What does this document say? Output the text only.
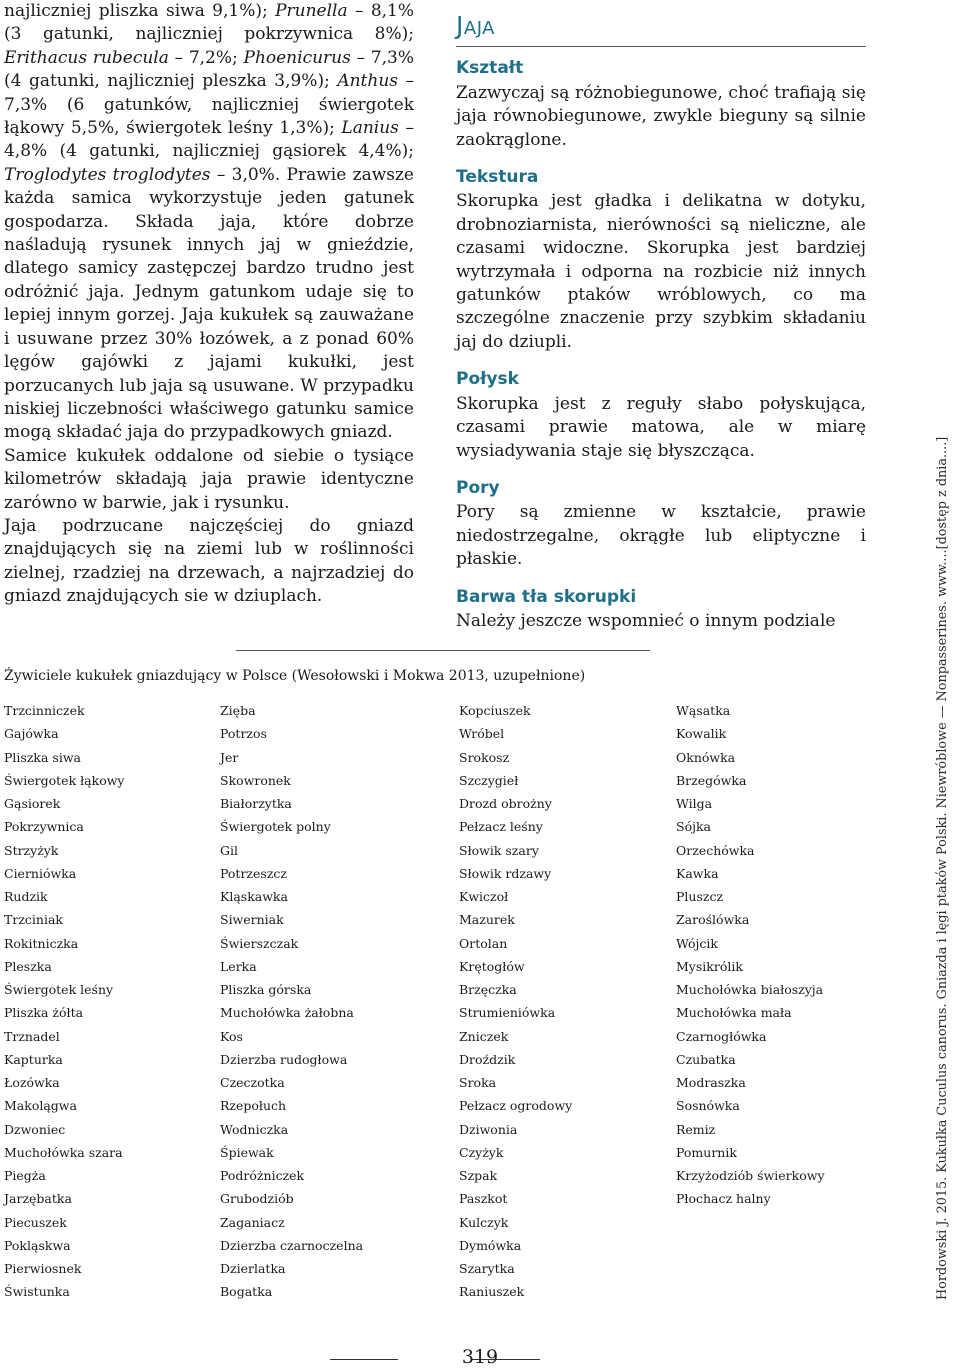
najliczniej pliszka siwa 9,1%); Prunella – 8,1% (3 gatunki, najliczniej pokrzywnica 8%); Erithacus rubecula – 7,2%; Phoenicurus – 7,3% (4 gatunki, najliczniej pleszka 3,9%); Anthus – 7,3% (6 gatunków, najliczniej świergotek łąkowy 5,5%, świergotek leśny 1,3%); Lanius – 4,8% (4 gatunki, najliczniej gąsiorek 4,4%); Troglodytes troglodytes – 3,0%. Prawie zawsze każda samica wykorzystuje jeden gatunek gospodarza. Składa jaja, które dobrze naśladują rysunek innych jaj w gnieździe, dlatego samicy zastępczej bardzo trudno jest odróżnić jaja. Jednym gatunkom udaje się to lepiej innym gorzej. Jaja kukułek są zauważane i usuwane przez 30% łozówek, a z ponad 60% lęgów gajówki z jajami kukułki, jest porzucanych lub jaja są usuwane. W przypadku niskiej liczebności właściwego gatunku samice mogą składać jaja do przypadkowych gniazd.

Samice kukułek oddalone od siebie o tysiące kilometrów składają jaja prawie identyczne zarówno w barwie, jak i rysunku.

Jaja podrzucane najczęściej do gniazd znajdujących się na ziemi lub w roślinności zielnej, rzadziej na drzewach, a najrzadziej do gniazd znajdujących sie w dziuplach.

JAJA
Kształt

Zazwyczaj są różnobiegunowe, choć trafiają się jaja równobiegunowe, zwykle bieguny są silnie zaokrąglone.

Tekstura

Skorupka jest gładka i delikatna w dotyku, drobnoziarnista, nierówności są nieliczne, ale czasami widoczne. Skorupka jest bardziej wytrzymała i odporna na rozbicie niż innych gatunków ptaków wróblowych, co ma szczególne znaczenie przy szybkim składaniu jaj do dziupli.

Połysk

Skorupka jest z reguły słabo połyskująca, czasami prawie matowa, ale w miarę wysiadywania staje się błyszcząca.

Pory

Pory są zmienne w kształcie, prawie niedostrzegalne, okrągłe lub eliptyczne i płaskie.

Barwa tła skorupki

Należy jeszcze wspomnieć o innym podziale

Żywiciele kukułek gniazdujący w Polsce (Wesołowski i Mokwa 2013, uzupełnione)
Trzcinniczek
Gajówka
Pliszka siwa
Świergotek łąkowy
Gąsiorek
Pokrzywnica
Strzyżyk
Cierniówka
Rudzik
Trzciniak
Rokitniczka
Pleszka
Świergotek leśny
Pliszka żółta
Trznadel
Kapturka
Łozówka
Makolągwa
Dzwoniec
Muchołówka szara
Piegża
Jarzębatka
Piecuszek
Pokląskwa
Pierwiosnek
Świstunka
Zięba
Potrzos
Jer
Skowronek
Białorzytka
Świergotek polny
Gil
Potrzeszcz
Kląskawka
Siwerniak
Świerszczak
Lerka
Pliszka górska
Muchołówka żałobna
Kos
Dzierzba rudogłowa
Czeczotka
Rzepołuch
Wodniczka
Śpiewak
Podróżniczek
Grubodziób
Zaganiacz
Dzierzba czarnoczelna
Dzierlatka
Bogatka
Kopciuszek
Wróbel
Srokosz
Szczygieł
Drozd obrożny
Pełzacz leśny
Słowik szary
Słowik rdzawy
Kwiczoł
Mazurek
Ortolan
Krętogłów
Brzęczka
Strumieniówka
Zniczek
Droździk
Sroka
Pełzacz ogrodowy
Dziwonia
Czyżyk
Szpak
Paszkot
Kulczyk
Dymówka
Szarytka
Raniuszek
Wąsatka
Kowalik
Oknówka
Brzegówka
Wilga
Sójka
Orzechówka
Kawka
Pluszcz
Zaroślówka
Wójcik
Mysikrólik
Muchołówka białoszyja
Muchołówka mała
Czarnogłówka
Czubatka
Modraszka
Sosnówka
Remiz
Pomurnik
Krzyżodziób świerkowy
Płochacz halny	Hordowski J. 2015. Kukułka Cuculus canorus. Gniazda i lęgi ptaków Polski. Niewróblowe — Nonpasserines. www....[dostęp z dnia....]
319
